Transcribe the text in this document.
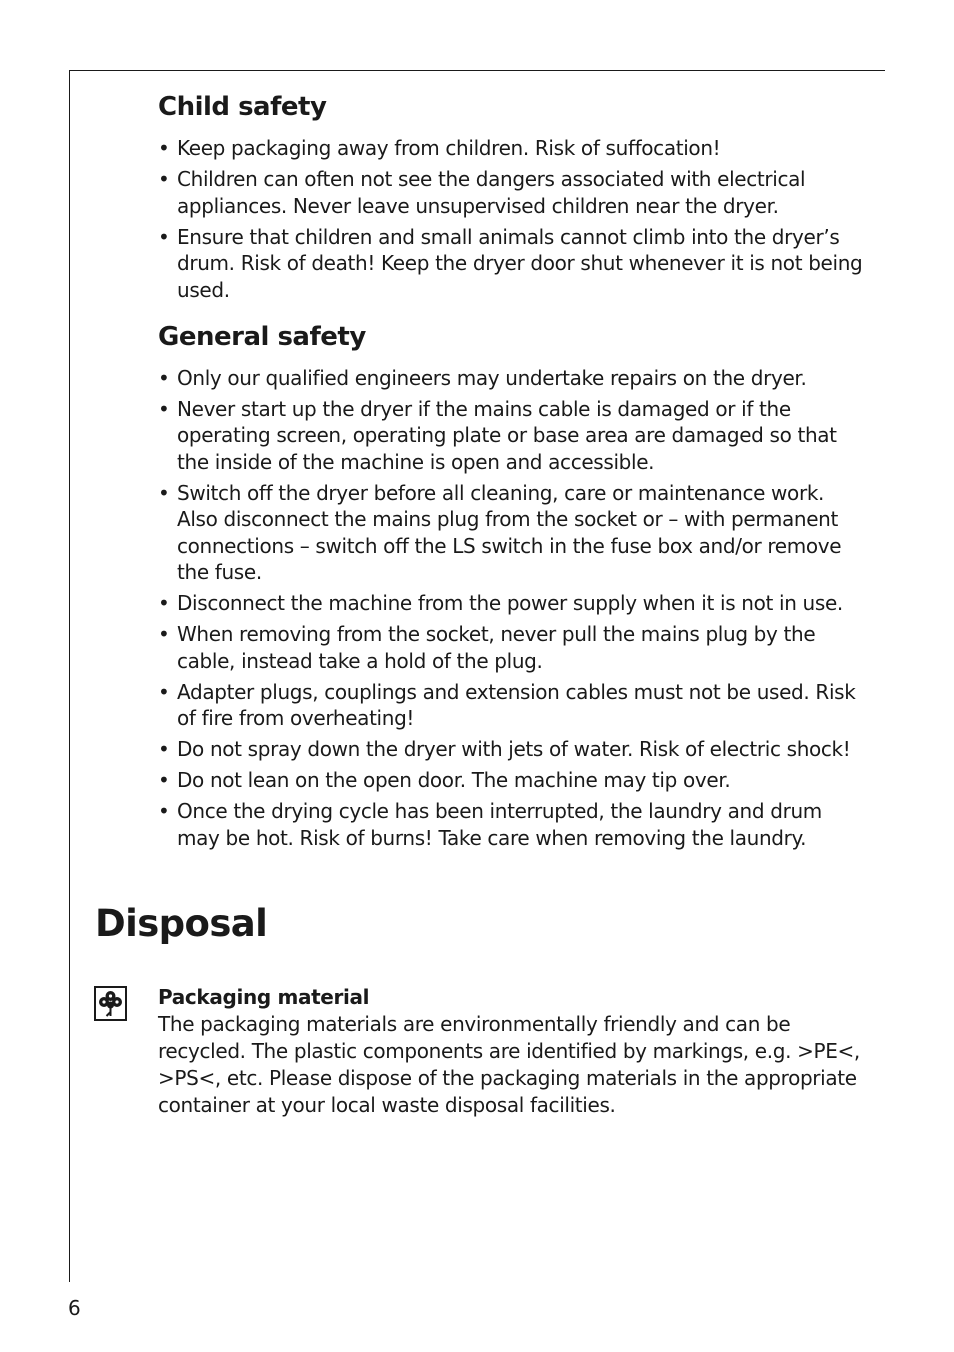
Child safety
• Keep packaging away from children. Risk of suffocation!
• Children can often not see the dangers associated with electrical appliances. Never leave unsupervised children near the dryer.
• Ensure that children and small animals cannot climb into the dryer’s drum. Risk of death! Keep the dryer door shut whenever it is not being used.
General safety
• Only our qualified engineers may undertake repairs on the dryer.
• Never start up the dryer if the mains cable is damaged or if the operating screen, operating plate or base area are damaged so that the inside of the machine is open and accessible.
• Switch off the dryer before all cleaning, care or maintenance work. Also disconnect the mains plug from the socket or – with permanent connections – switch off the LS switch in the fuse box and/or remove the fuse.
• Disconnect the machine from the power supply when it is not in use.
• When removing from the socket, never pull the mains plug by the cable, instead take a hold of the plug.
• Adapter plugs, couplings and extension cables must not be used. Risk of fire from overheating!
• Do not spray down the dryer with jets of water. Risk of electric shock!
• Do not lean on the open door. The machine may tip over.
• Once the drying cycle has been interrupted, the laundry and drum may be hot. Risk of burns! Take care when removing the laundry.
Disposal
Packaging material
The packaging materials are environmentally friendly and can be recycled. The plastic components are identified by markings, e.g. >PE<, >PS<, etc. Please dispose of the packaging materials in the appropriate container at your local waste disposal facilities.
6
